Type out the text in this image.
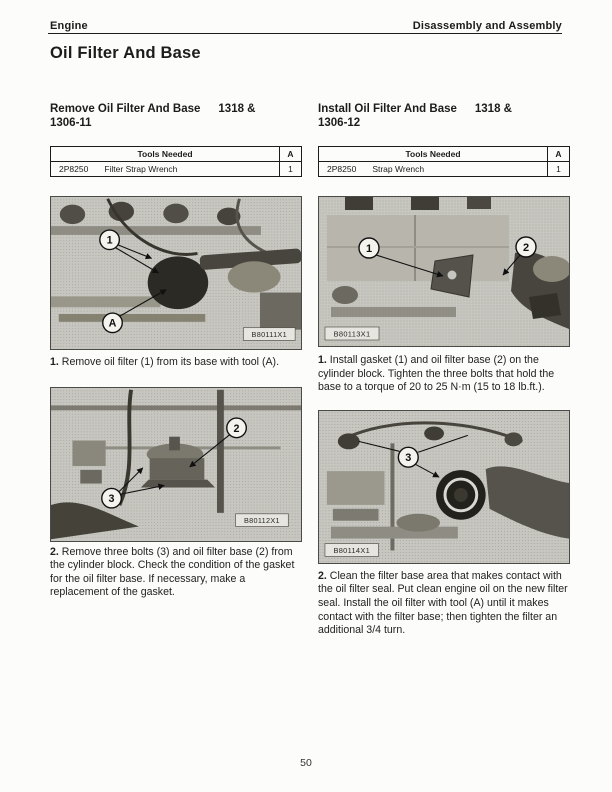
Engine	Disassembly and Assembly
Oil Filter And Base
Remove Oil Filter And Base 1318 &
1306-11
Tools Needed	A
2P8250 Filter Strap Wrench	1
1
A
B80111X1

1. Remove oil filter (1) from its base with tool (A).

2
3
B80112X1

2. Remove three bolts (3) and oil filter base (2) from the cylinder block. Check the condition of the gasket for the oil filter base. If necessary, make a replacement of the gasket.

Install Oil Filter And Base 1318 &
1306-12
Tools Needed	A
2P8250 Strap Wrench	1
1	2
B80113X1

1. Install gasket (1) and oil filter base (2) on the cylinder block. Tighten the three bolts that hold the base to a torque of 20 to 25 N·m (15 to 18 lb.ft.).

3
B80114X1

2. Clean the filter base area that makes contact with the oil filter seal. Put clean engine oil on the new filter seal. Install the oil filter with tool (A) until it makes contact with the filter base; then tighten the filter an additional 3/4 turn.

50
